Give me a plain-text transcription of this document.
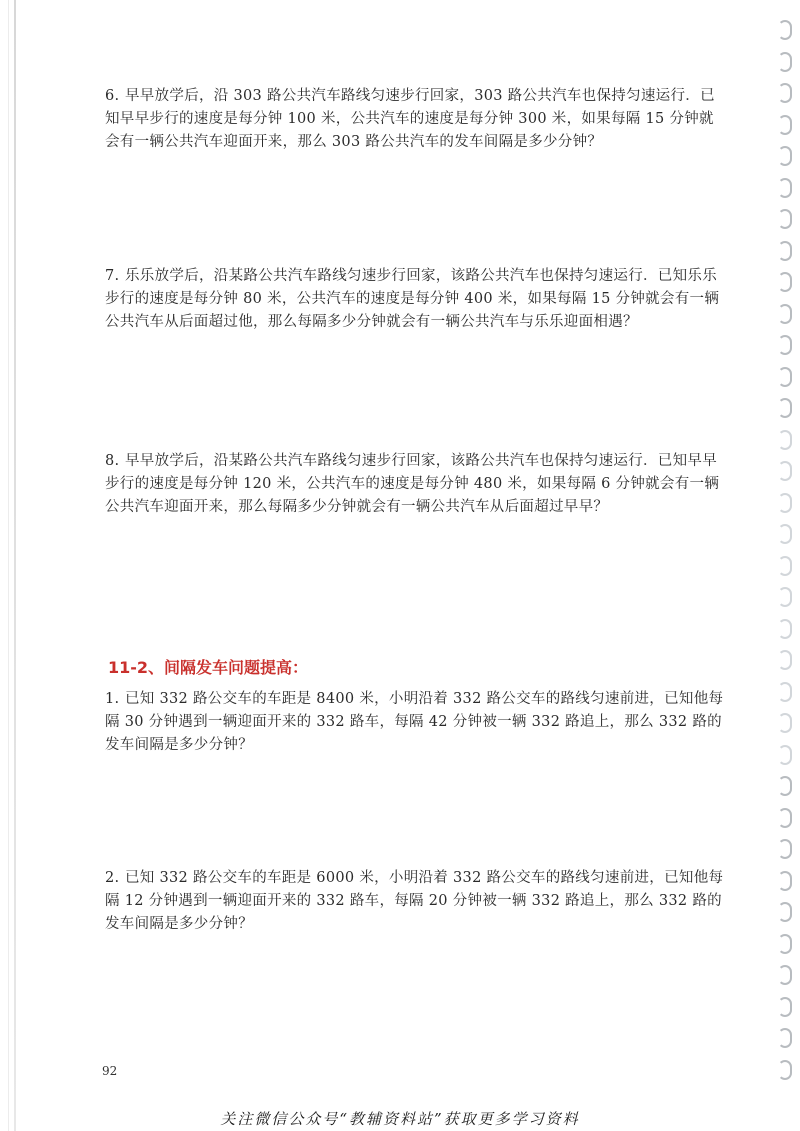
6. 早早放学后，沿 303 路公共汽车路线匀速步行回家，303 路公共汽车也保持匀速运行．已知早早步行的速度是每分钟 100 米，公共汽车的速度是每分钟 300 米，如果每隔 15 分钟就会有一辆公共汽车迎面开来，那么 303 路公共汽车的发车间隔是多少分钟？
7. 乐乐放学后，沿某路公共汽车路线匀速步行回家，该路公共汽车也保持匀速运行．已知乐乐步行的速度是每分钟 80 米，公共汽车的速度是每分钟 400 米，如果每隔 15 分钟就会有一辆公共汽车从后面超过他，那么每隔多少分钟就会有一辆公共汽车与乐乐迎面相遇？
8. 早早放学后，沿某路公共汽车路线匀速步行回家，该路公共汽车也保持匀速运行．已知早早步行的速度是每分钟 120 米，公共汽车的速度是每分钟 480 米，如果每隔 6 分钟就会有一辆公共汽车迎面开来，那么每隔多少分钟就会有一辆公共汽车从后面超过早早？
11-2、间隔发车问题提高：
1. 已知 332 路公交车的车距是 8400 米，小明沿着 332 路公交车的路线匀速前进，已知他每隔 30 分钟遇到一辆迎面开来的 332 路车，每隔 42 分钟被一辆 332 路追上，那么 332 路的发车间隔是多少分钟？
2. 已知 332 路公交车的车距是 6000 米，小明沿着 332 路公交车的路线匀速前进，已知他每隔 12 分钟遇到一辆迎面开来的 332 路车，每隔 20 分钟被一辆 332 路追上，那么 332 路的发车间隔是多少分钟？
92
关注微信公众号“教辅资料站”获取更多学习资料
